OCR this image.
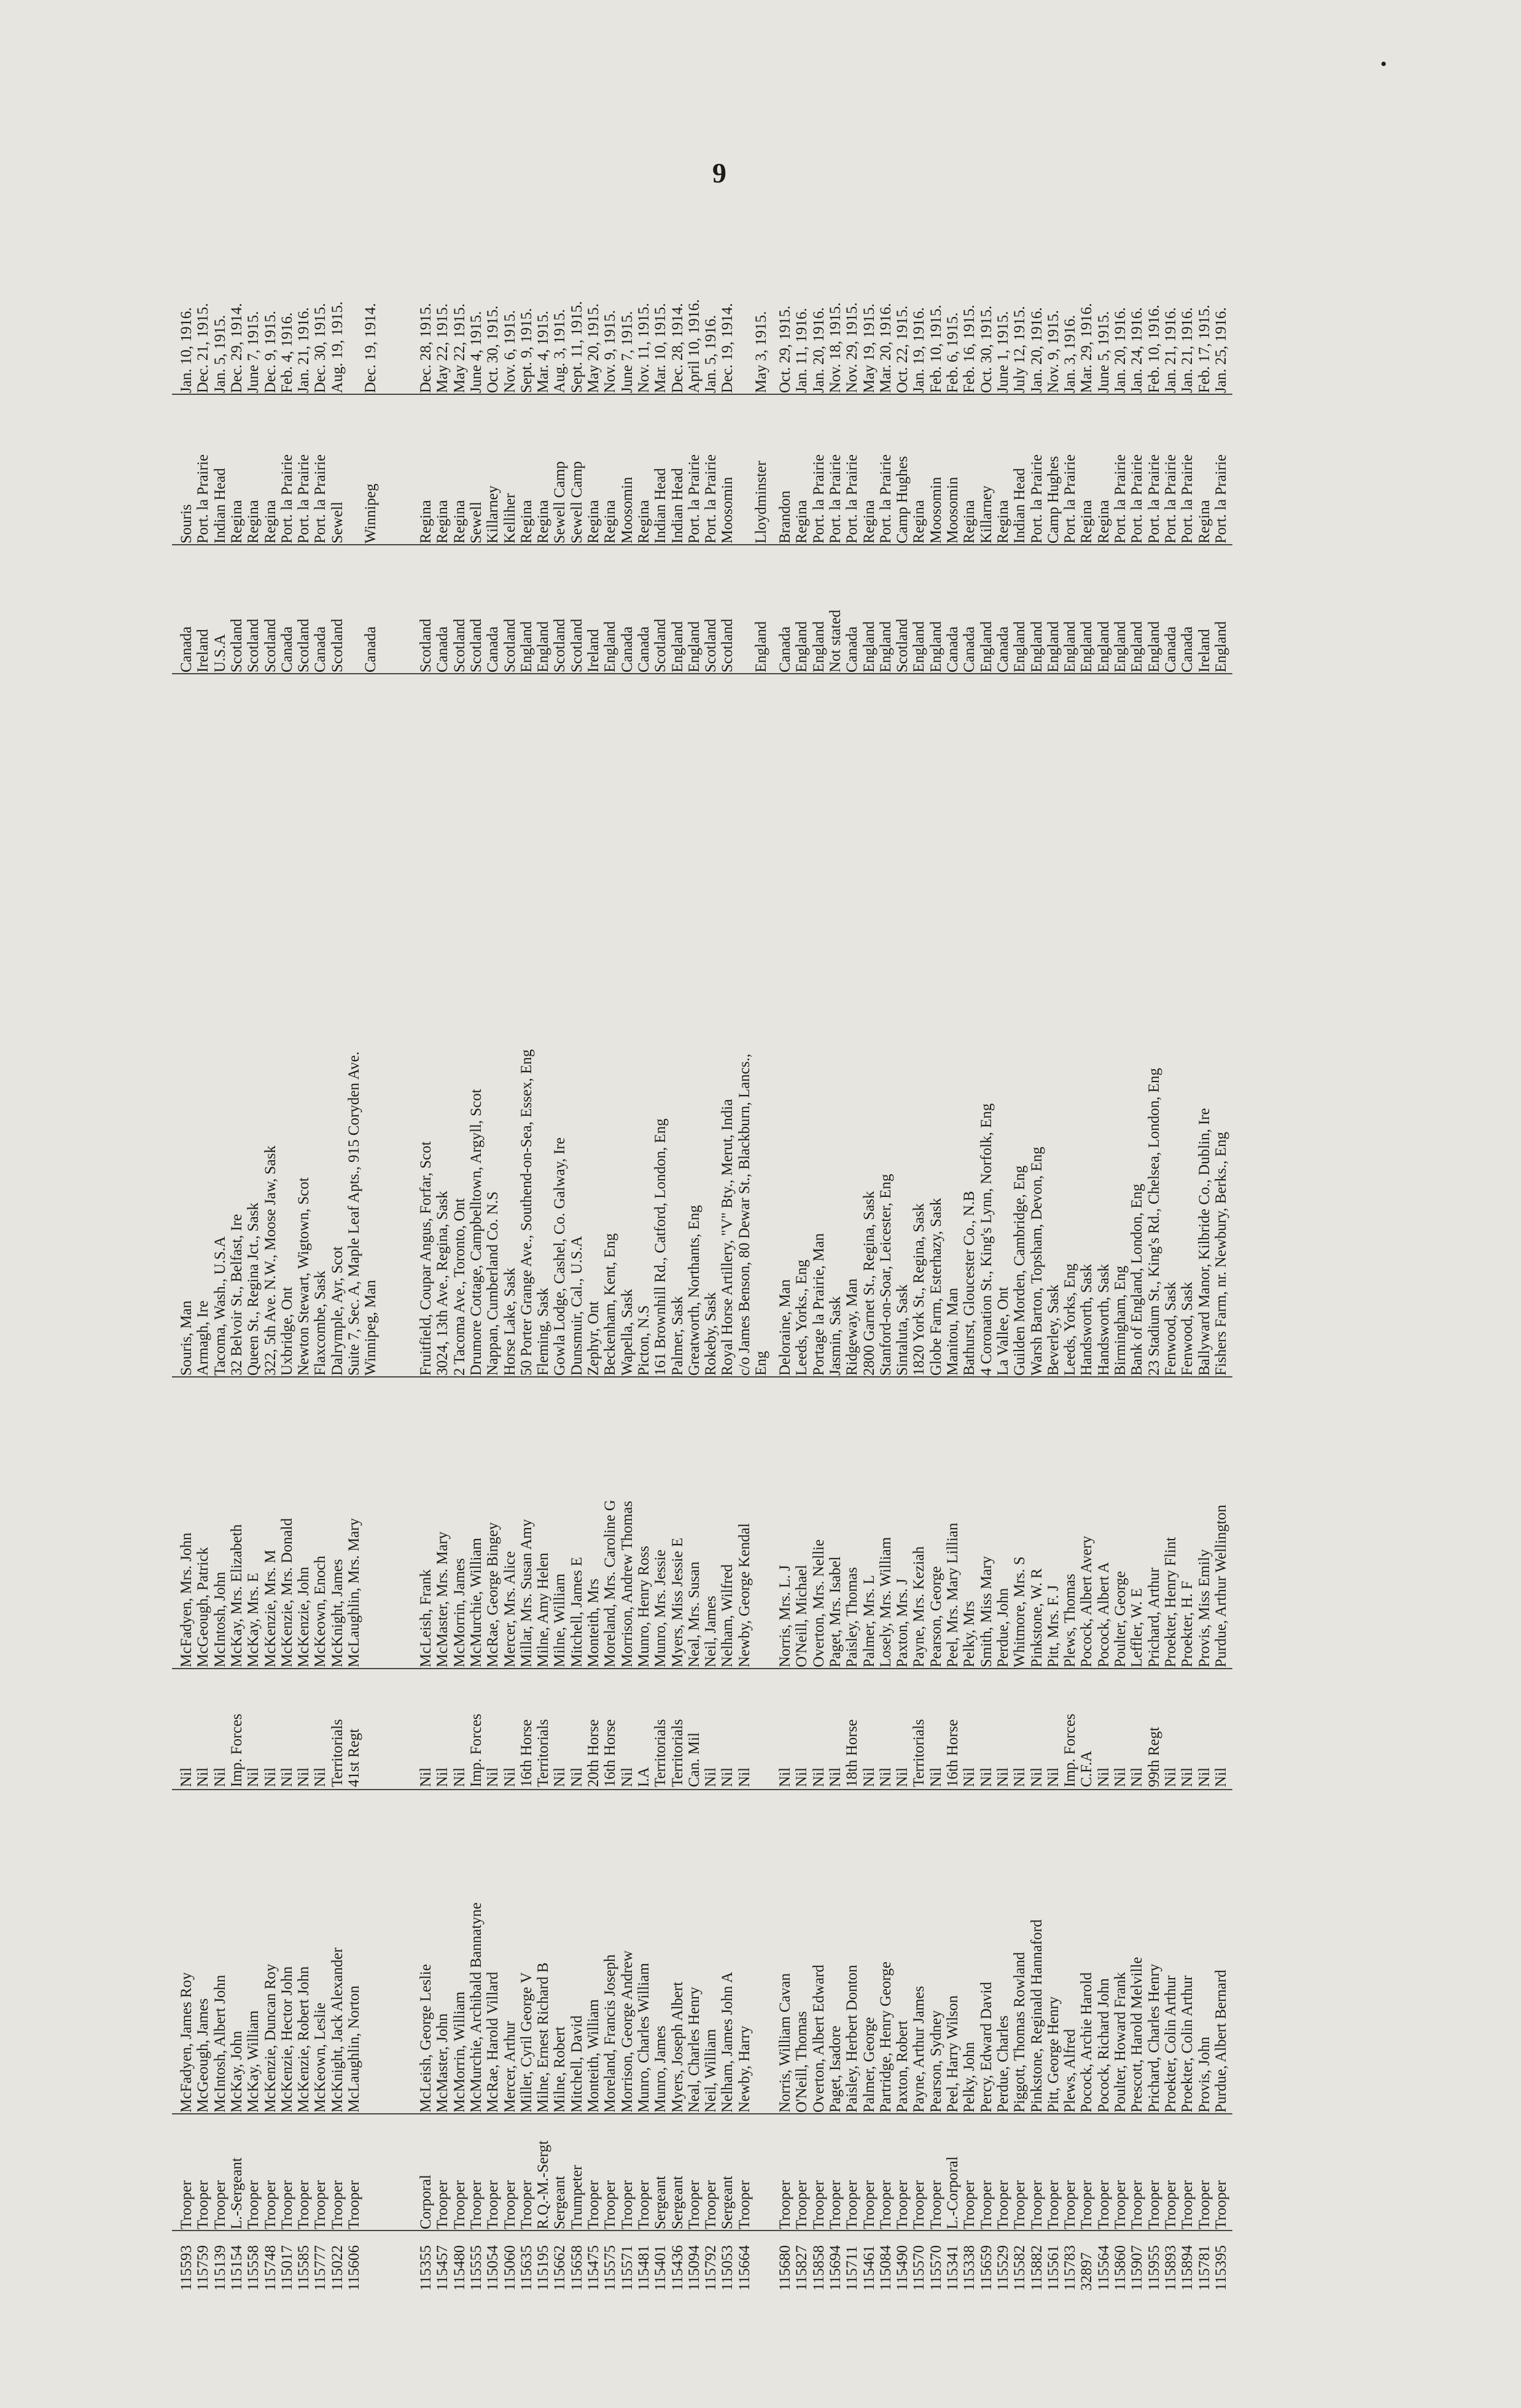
9
•
115593
Trooper
McFadyen, James Roy
Nil
McFadyen, Mrs. John
Souris, Man
Canada
Souris
Jan. 10, 1916.
115759
Trooper
McGeough, James
Nil
McGeough, Patrick
Armagh, Ire
Ireland
Port. la Prairie
Dec. 21, 1915.
115139
Trooper
McIntosh, Albert John
Nil
McIntosh, John
Tacoma, Wash., U.S.A
U.S.A
Indian Head
Jan. 5, 1915.
115154
L.-Sergeant
McKay, John
Imp. Forces
McKay, Mrs. Elizabeth
32 Belvoir St., Belfast, Ire
Scotland
Regina
Dec. 29, 1914.
115558
Trooper
McKay, William
Nil
McKay, Mrs. E
Queen St., Regina Jct., Sask
Scotland
Regina
June 7, 1915.
115748
Trooper
McKenzie, Duncan Roy
Nil
McKenzie, Mrs. M
322, 5th Ave. N.W., Moose Jaw, Sask
Scotland
Regina
Dec. 9, 1915.
115017
Trooper
McKenzie, Hector John
Nil
McKenzie, Mrs. Donald
Uxbridge, Ont
Canada
Port. la Prairie
Feb. 4, 1916.
115585
Trooper
McKenzie, Robert John
Nil
McKenzie, John
Newton Stewart, Wigtown, Scot
Scotland
Port. la Prairie
Jan. 21, 1916.
115777
Trooper
McKeown, Leslie
Nil
McKeown, Enoch
Flaxcombe, Sask
Canada
Port. la Prairie
Dec. 30, 1915.
115022
Trooper
McKnight, Jack Alexander
Territorials
McKnight, James
Dalrymple, Ayr, Scot
Scotland
Sewell
Aug. 19, 1915.
115606
Trooper
McLaughlin, Norton
41st Regt
McLaughlin, Mrs. Mary
Suite 7, Sec. A, Maple Leaf Apts., 915 Coryden Ave. Winnipeg, Man
Canada
Winnipeg
Dec. 19, 1914.
115355
Corporal
McLeish, George Leslie
Nil
McLeish, Frank
Fruitfield, Coupar Angus, Forfar, Scot
Scotland
Regina
Dec. 28, 1915.
115457
Trooper
McMaster, John
Nil
McMaster, Mrs. Mary
3024, 13th Ave., Regina, Sask
Canada
Regina
May 22, 1915.
115480
Trooper
McMorrin, William
Nil
McMorrin, James
2 Tacoma Ave., Toronto, Ont
Scotland
Regina
May 22, 1915.
115555
Trooper
McMurchie, Archibald Bannatyne
Imp. Forces
McMurchie, William
Drumore Cottage, Campbelltown, Argyll, Scot
Scotland
Sewell
June 4, 1915.
115054
Trooper
McRae, Harold Villard
Nil
McRae, George Bingey
Nappan, Cumberland Co. N.S
Canada
Killarney
Oct. 30, 1915.
115060
Trooper
Mercer, Arthur
Nil
Mercer, Mrs. Alice
Horse Lake, Sask
Scotland
Kelliher
Nov. 6, 1915.
115635
Trooper
Miller, Cyril George V
16th Horse
Millar, Mrs. Susan Amy
50 Porter Grange Ave., Southend-on-Sea, Essex, Eng
England
Regina
Sept. 9, 1915.
115195
R.Q.-M.-Sergt
Milne, Ernest Richard B
Territorials
Milne, Amy Helen
Fleming, Sask
England
Regina
Mar. 4, 1915.
115662
Sergeant
Milne, Robert
Nil
Milne, William
Gowla Lodge, Cashel, Co. Galway, Ire
Scotland
Sewell Camp
Aug. 3, 1915.
115658
Trumpeter
Mitchell, David
Nil
Mitchell, James E
Dunsmuir, Cal., U.S.A
Scotland
Sewell Camp
Sept. 11, 1915.
115475
Trooper
Monteith, William
20th Horse
Monteith, Mrs
Zephyr, Ont
Ireland
Regina
May 20, 1915.
115575
Trooper
Moreland, Francis Joseph
16th Horse
Moreland, Mrs. Caroline G
Beckenham, Kent, Eng
England
Regina
Nov. 9, 1915.
115571
Trooper
Morrison, George Andrew
Nil
Morrison, Andrew Thomas
Wapella, Sask
Canada
Moosomin
June 7, 1915.
115481
Trooper
Munro, Charles William
I.A
Munro, Henry Ross
Picton, N.S
Canada
Regina
Nov. 11, 1915.
115401
Sergeant
Munro, James
Territorials
Munro, Mrs. Jessie
161 Brownhill Rd., Catford, London, Eng
Scotland
Indian Head
Mar. 10, 1915.
115436
Sergeant
Myers, Joseph Albert
Territorials
Myers, Miss Jessie E
Palmer, Sask
England
Indian Head
Dec. 28, 1914.
115094
Trooper
Neal, Charles Henry
Can. Mil
Neal, Mrs. Susan
Greatworth, Northants, Eng
England
Port. la Prairie
April 10, 1916.
115792
Trooper
Neil, William
Nil
Neil, James
Rokeby, Sask
Scotland
Port. la Prairie
Jan. 5, 1916.
115053
Sergeant
Nelham, James John A
Nil
Nelham, Wilfred
Royal Horse Artillery, "V" Bty., Merut, India
Scotland
Moosomin
Dec. 19, 1914.
115664
Trooper
Newby, Harry
Nil
Newby, George Kendal
c/o James Benson, 80 Dewar St., Blackburn, Lancs., Eng
England
Lloydminster
May 3, 1915.
115680
Trooper
Norris, William Cavan
Nil
Norris, Mrs. L. J
Deloraine, Man
Canada
Brandon
Oct. 29, 1915.
115827
Trooper
O'Neill, Thomas
Nil
O'Neill, Michael
Leeds, Yorks., Eng
England
Regina
Jan. 11, 1916.
115858
Trooper
Overton, Albert Edward
Nil
Overton, Mrs. Nellie
Portage la Prairie, Man
England
Port. la Prairie
Jan. 20, 1916.
115694
Trooper
Paget, Isadore
Nil
Paget, Mrs. Isabel
Jasmin, Sask
Not stated
Port. la Prairie
Nov. 18, 1915.
115711
Trooper
Paisley, Herbert Donton
18th Horse
Paisley, Thomas
Ridgeway, Man
Canada
Port. la Prairie
Nov. 29, 1915.
115461
Trooper
Palmer, George
Nil
Palmer, Mrs. L
2800 Garnet St., Regina, Sask
England
Regina
May 19, 1915.
115084
Trooper
Partridge, Henry George
Nil
Losely, Mrs. William
Stanford-on-Soar, Leicester, Eng
England
Port. la Prairie
Mar. 20, 1916.
115490
Trooper
Paxton, Robert
Nil
Paxton, Mrs. J
Sintaluta, Sask
Scotland
Camp Hughes
Oct. 22, 1915.
115570
Trooper
Payne, Arthur James
Territorials
Payne, Mrs. Keziah
1820 York St., Regina, Sask
England
Regina
Jan. 19, 1916.
115570
Trooper
Pearson, Sydney
Nil
Pearson, George
Globe Farm, Esterhazy, Sask
England
Moosomin
Feb. 10, 1915.
115341
L.-Corporal
Peel, Harry Wilson
16th Horse
Peel, Mrs. Mary Lillian
Manitou, Man
Canada
Moosomin
Feb. 6, 1915.
115338
Trooper
Pelky, John
Nil
Pelky, Mrs
Bathurst, Gloucester Co., N.B
Canada
Regina
Feb. 16, 1915.
115659
Trooper
Percy, Edward David
Nil
Smith, Miss Mary
4 Coronation St., King's Lynn, Norfolk, Eng
England
Killarney
Oct. 30, 1915.
115529
Trooper
Perdue, Charles
Nil
Perdue, John
La Vallee, Ont
Canada
Regina
June 1, 1915.
115582
Trooper
Piggott, Thomas Rowland
Nil
Whitmore, Mrs. S
Guilden Morden, Cambridge, Eng
England
Indian Head
July 12, 1915.
115882
Trooper
Pinkstone, Reginald Hannaford
Nil
Pinkstone, W. R
Warsh Barton, Topsham, Devon, Eng
England
Port. la Prairie
Jan. 20, 1916.
115561
Trooper
Pitt, George Henry
Nil
Pitt, Mrs. F. J
Beverley, Sask
England
Camp Hughes
Nov. 9, 1915.
115783
Trooper
Plews, Alfred
Imp. Forces
Plews, Thomas
Leeds, Yorks, Eng
England
Port. la Prairie
Jan. 3, 1916.
32897
Trooper
Pocock, Archie Harold
C.F.A
Pocock, Albert Avery
Handsworth, Sask
England
Regina
Mar. 29, 1916.
115564
Trooper
Pocock, Richard John
Nil
Pocock, Albert A
Handsworth, Sask
England
Regina
June 5, 1915.
115860
Trooper
Poulter, Howard Frank
Nil
Poulter, George
Birmingham, Eng
England
Port. la Prairie
Jan. 20, 1916.
115907
Trooper
Prescott, Harold Melville
Nil
Leffler, W. E
Bank of England, London, Eng
England
Port. la Prairie
Jan. 24, 1916.
115955
Trooper
Prichard, Charles Henry
99th Regt
Prichard, Arthur
23 Stadium St., King's Rd., Chelsea, London, Eng
England
Port. la Prairie
Feb. 10, 1916.
115893
Trooper
Proekter, Colin Arthur
Nil
Proekter, Henry Flint
Fenwood, Sask
Canada
Port. la Prairie
Jan. 21, 1916.
115894
Trooper
Proekter, Colin Arthur
Nil
Proekter, H. F
Fenwood, Sask
Canada
Port. la Prairie
Jan. 21, 1916.
115781
Trooper
Provis, John
Nil
Provis, Miss Emily
Ballyward Manor, Kilbride Co., Dublin, Ire
Ireland
Regina
Feb. 17, 1915.
115395
Trooper
Purdue, Albert Bernard
Nil
Purdue, Arthur Wellington
Fishers Farm, nr. Newbury, Berks., Eng
England
Port. la Prairie
Jan. 25, 1916.
